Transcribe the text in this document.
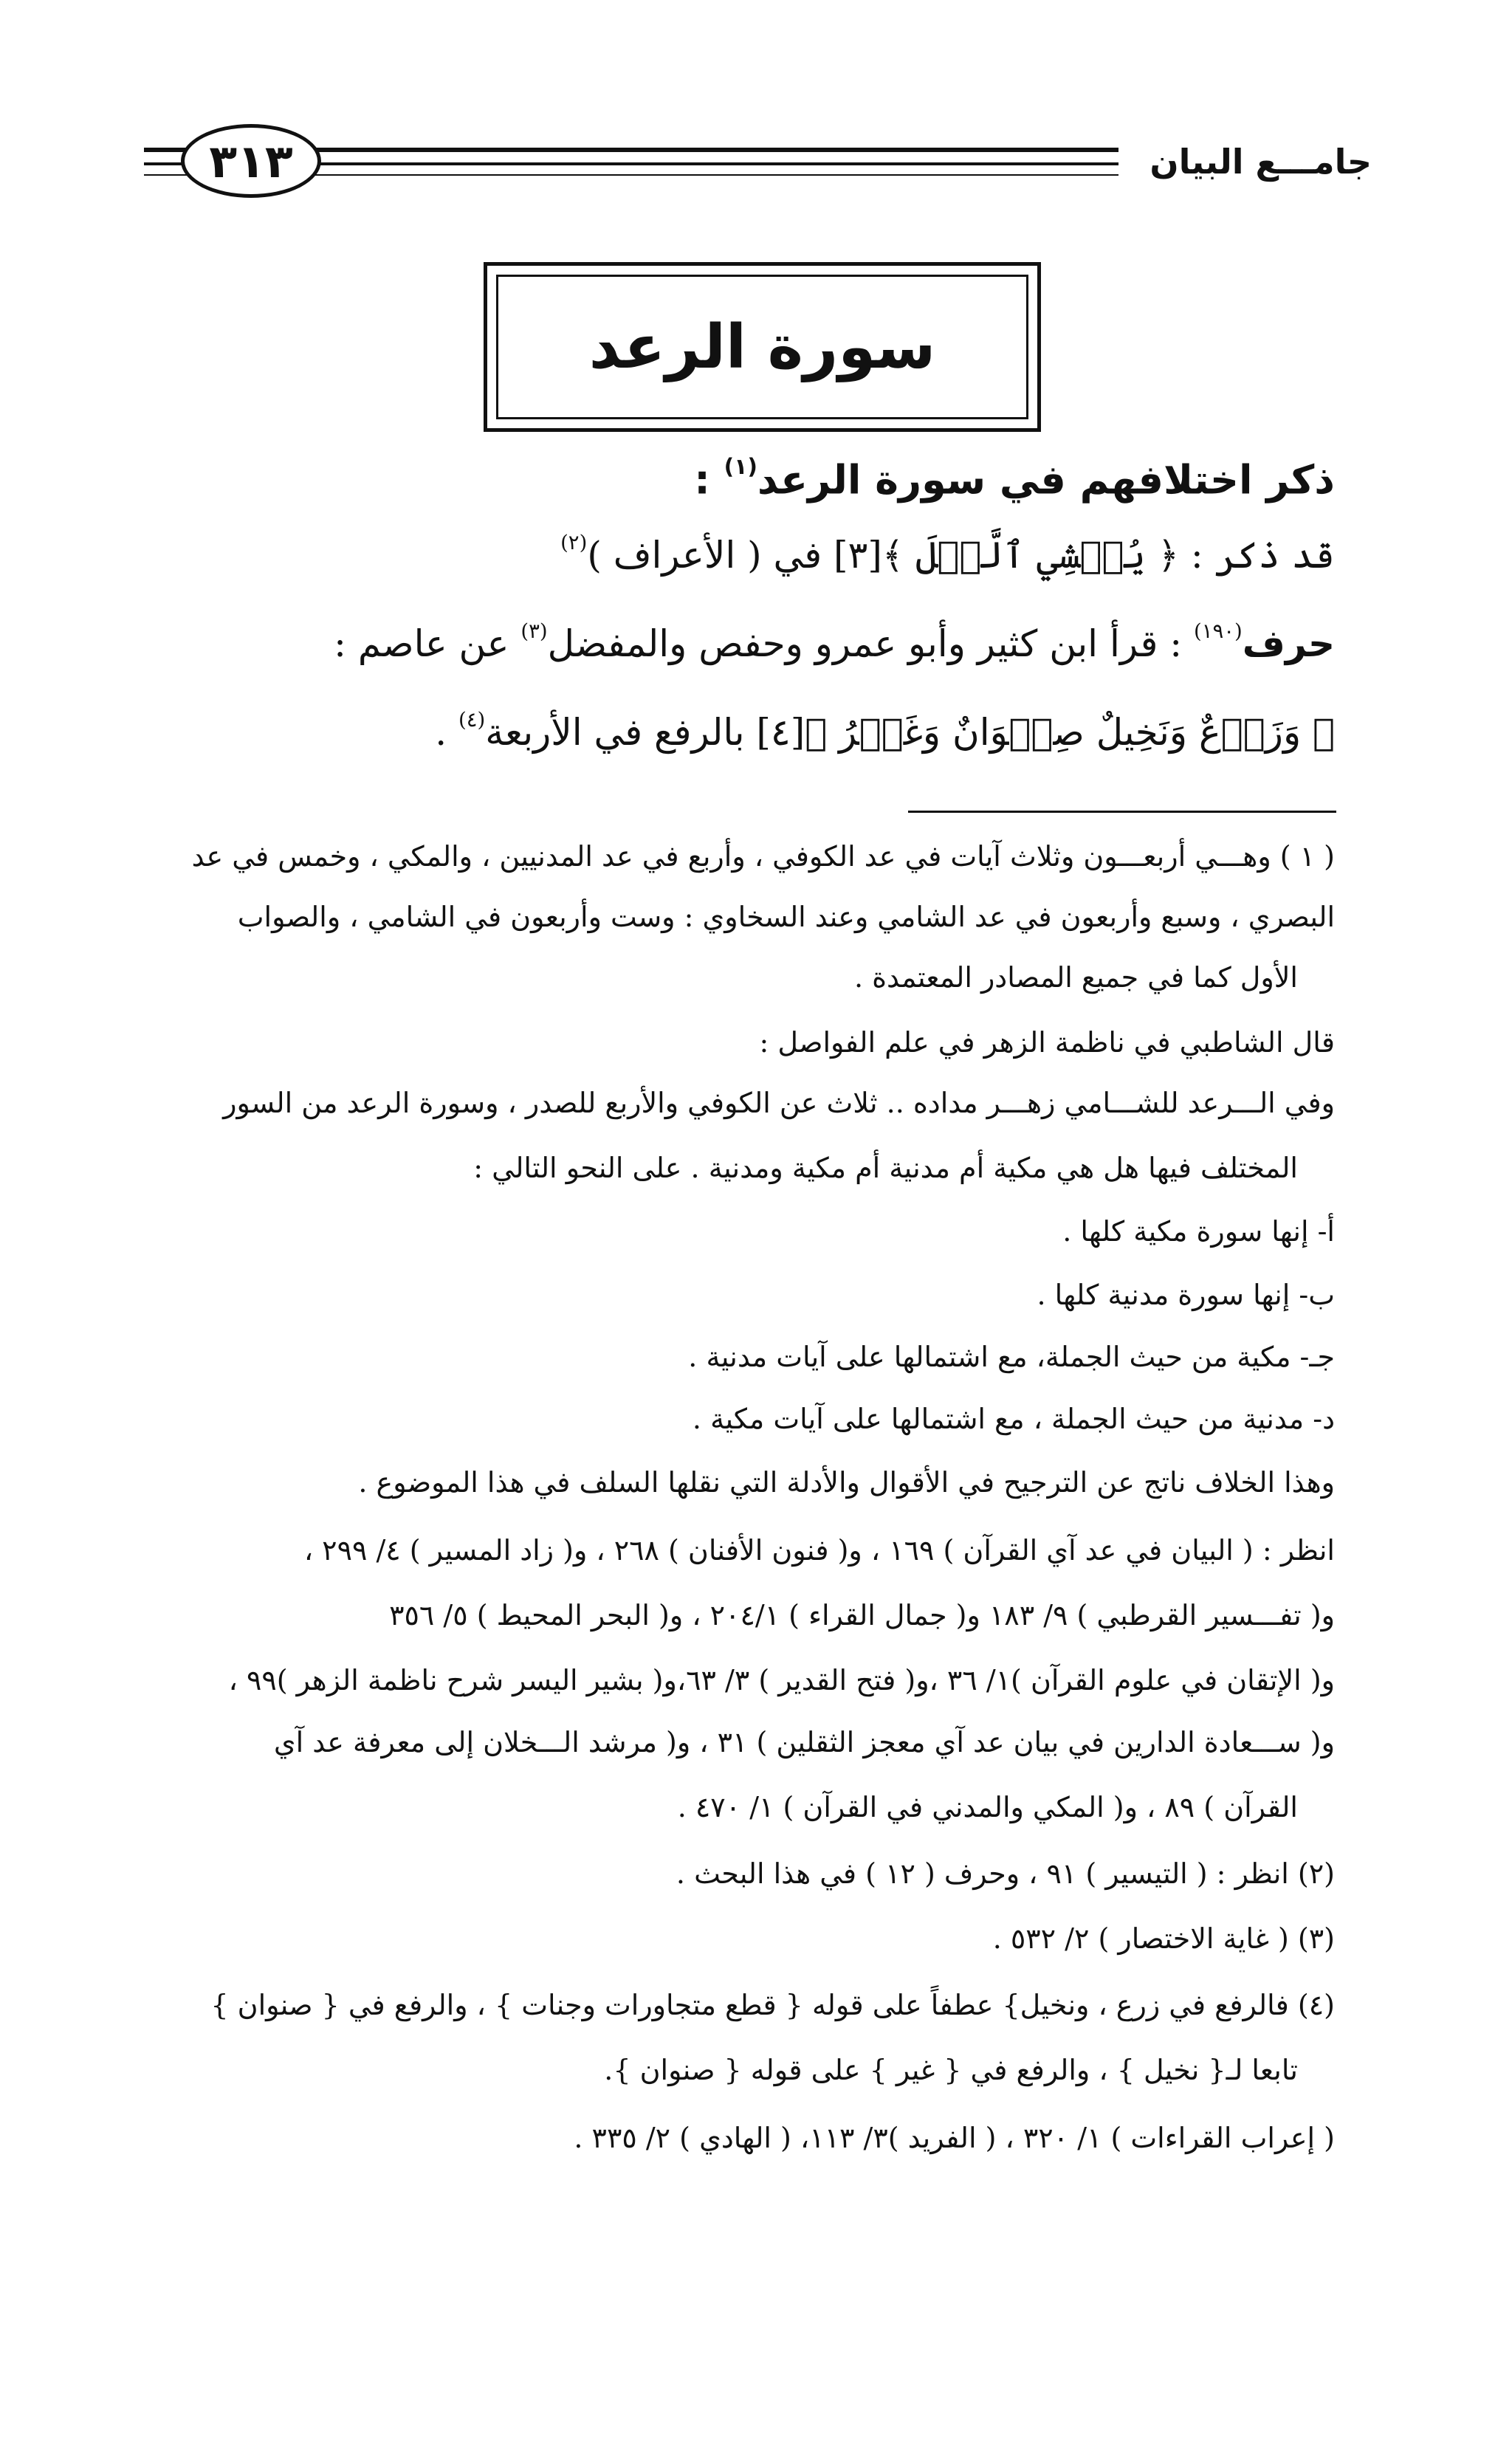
٣١٣	جامـــع البيان
سورة الرعد
ذكر اختلافهم في سورة الرعد$^{(١)}$ :
قد ذكر : ﴿ يُغۡشِي ٱلَّيۡلَ ﴾[٣] في ( الأعراف )$^{(٢)}$
حرف$^{(١٩٠)}$ : قرأ ابن كثير وأبو عمرو وحفص والمفضل$^{(٣)}$ عن عاصم :
﴿ وَزَرۡعٌ وَنَخِيلٌ صِنۡوَانٌ وَغَيۡرُ ﴾[٤] بالرفع في الأربعة$^{(٤)}$ .
( ١ ) وهـــي أربعـــون وثلاث آيات في عد الكوفي ، وأربع في عد المدنيين ، والمكي ، وخمس في عد
البصري ، وسبع وأربعون في عد الشامي وعند السخاوي : وست وأربعون في الشامي ، والصواب
الأول كما في جميع المصادر المعتمدة .
قال الشاطبي في ناظمة الزهر في علم الفواصل :
وفي الـــرعد للشـــامي زهـــر مداده .. ثلاث عن الكوفي والأربع للصدر ، وسورة الرعد من السور
المختلف فيها هل هي مكية أم مدنية أم مكية ومدنية . على النحو التالي :
أ- إنها سورة مكية كلها .
ب- إنها سورة مدنية كلها .
جـ- مكية من حيث الجملة، مع اشتمالها على آيات مدنية .
د- مدنية من حيث الجملة ، مع اشتمالها على آيات مكية .
وهذا الخلاف ناتج عن الترجيح في الأقوال والأدلة التي نقلها السلف في هذا الموضوع .
انظر : ( البيان في عد آي القرآن ) ١٦٩ ، و( فنون الأفنان ) ٢٦٨ ، و( زاد المسير ) ٤/ ٢٩٩ ،
و( تفـــسير القرطبي ) ٩/ ١٨٣ و( جمال القراء ) ٢٠٤/١ ، و( البحر المحيط ) ٥/ ٣٥٦
و( الإتقان في علوم القرآن )١/ ٣٦ ،و( فتح القدير ) ٣/ ٦٣،و( بشير اليسر شرح ناظمة الزهر )٩٩ ،
و( ســـعادة الدارين في بيان عد آي معجز الثقلين ) ٣١ ، و( مرشد الـــخلان إلى معرفة عد آي
القرآن ) ٨٩ ، و( المكي والمدني في القرآن ) ١/ ٤٧٠ .
(٢) انظر : ( التيسير ) ٩١ ، وحرف ( ١٢ ) في هذا البحث .
(٣) ( غاية الاختصار ) ٢/ ٥٣٢ .
(٤) فالرفع في زرع ، ونخيل} عطفاً على قوله { قطع متجاورات وجنات } ، والرفع في { صنوان }
تابعا لـ{ نخيل } ، والرفع في { غير } على قوله { صنوان }.
( إعراب القراءات ) ١/ ٣٢٠ ، ( الفريد )٣/ ١١٣، ( الهادي ) ٢/ ٣٣٥ .
